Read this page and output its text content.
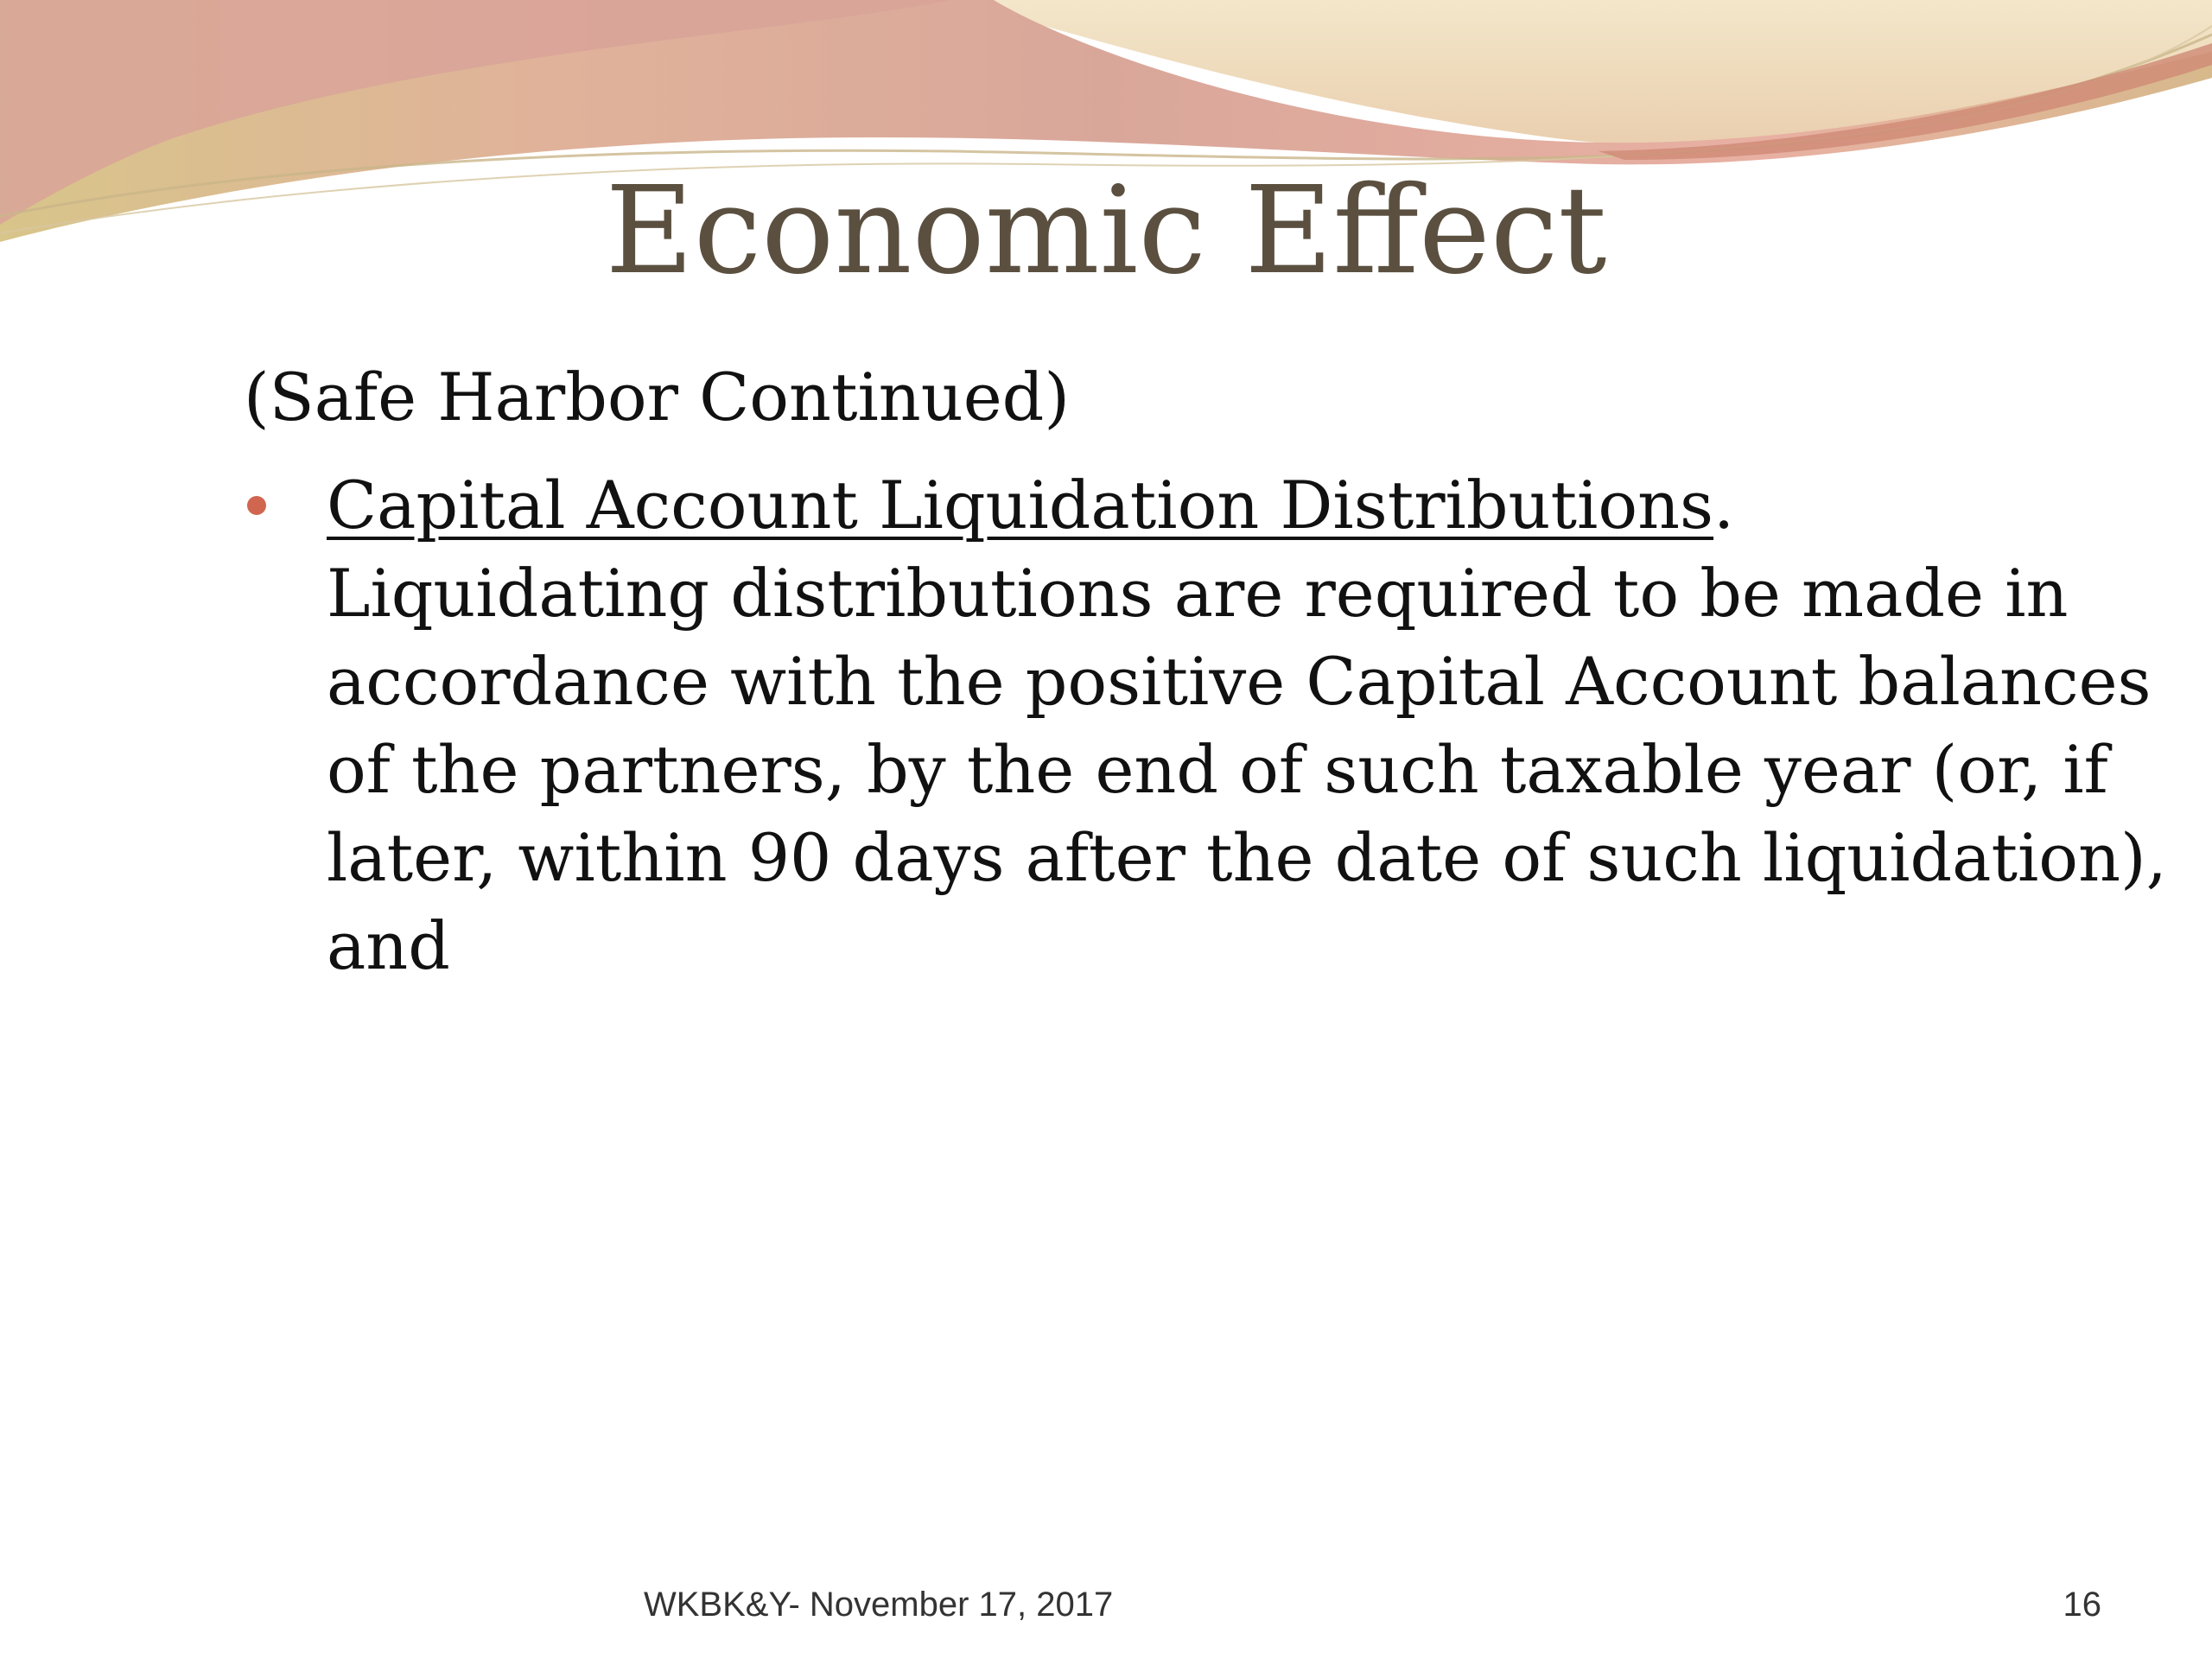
Economic Effect
(Safe Harbor Continued)
Capital Account Liquidation Distributions.
Liquidating distributions are required to be made in
accordance with the positive Capital Account balances
of the partners, by the end of such taxable year (or, if
later, within 90 days after the date of such liquidation),
and
WKBK&Y- November 17, 2017	16
